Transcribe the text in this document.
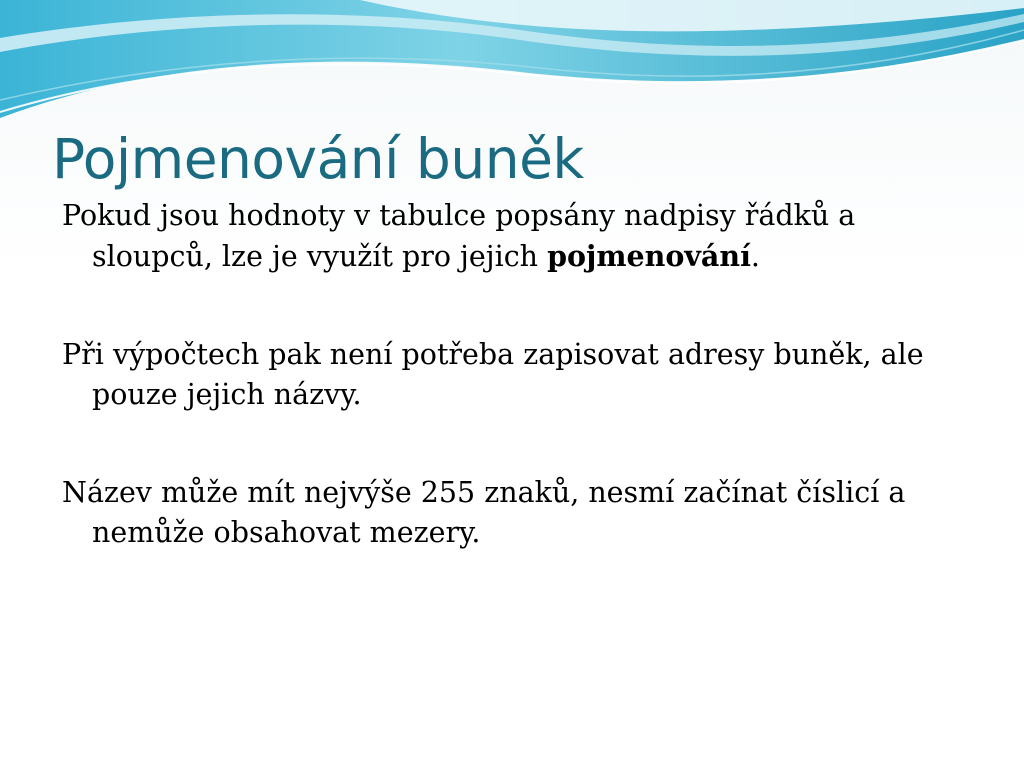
Pojmenování buněk

Pokud jsou hodnoty v tabulce popsány nadpisy řádků a sloupců, lze je využít pro jejich pojmenování.

Při výpočtech pak není potřeba zapisovat adresy buněk, ale pouze jejich názvy.

Název může mít nejvýše 255 znaků, nesmí začínat číslicí a nemůže obsahovat mezery.
